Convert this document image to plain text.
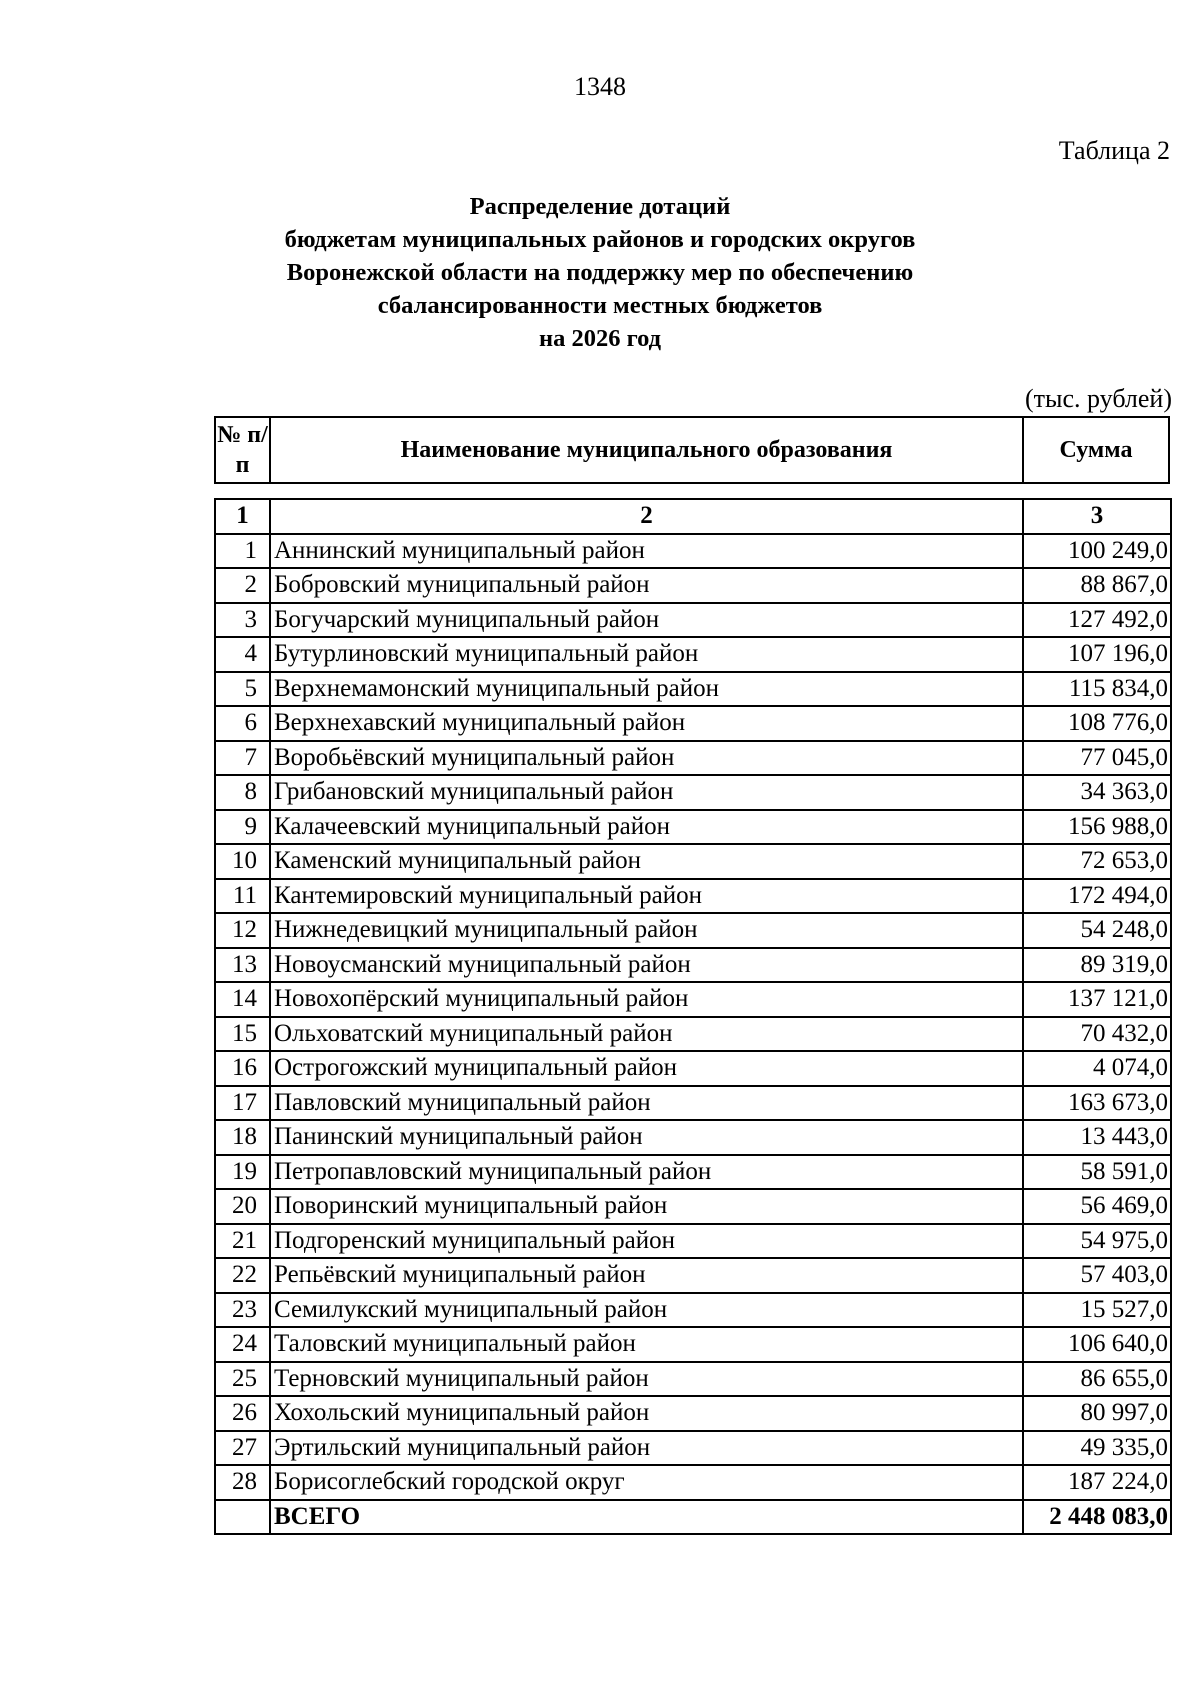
1348
Таблица 2
Распределение дотаций
бюджетам муниципальных районов и городских округов
Воронежской области на поддержку мер по обеспечению
сбалансированности местных бюджетов
на 2026 год
(тыс. рублей)
№ п/п	Наименование муниципального образования	Сумма
1	2	3
1	Аннинский муниципальный район	100 249,0
2	Бобровский муниципальный район	88 867,0
3	Богучарский муниципальный район	127 492,0
4	Бутурлиновский муниципальный район	107 196,0
5	Верхнемамонский муниципальный район	115 834,0
6	Верхнехавский муниципальный район	108 776,0
7	Воробьёвский муниципальный район	77 045,0
8	Грибановский муниципальный район	34 363,0
9	Калачеевский муниципальный район	156 988,0
10	Каменский муниципальный район	72 653,0
11	Кантемировский муниципальный район	172 494,0
12	Нижнедевицкий муниципальный район	54 248,0
13	Новоусманский муниципальный район	89 319,0
14	Новохопёрский муниципальный район	137 121,0
15	Ольховатский муниципальный район	70 432,0
16	Острогожский муниципальный район	4 074,0
17	Павловский муниципальный район	163 673,0
18	Панинский муниципальный район	13 443,0
19	Петропавловский муниципальный район	58 591,0
20	Поворинский муниципальный район	56 469,0
21	Подгоренский муниципальный район	54 975,0
22	Репьёвский муниципальный район	57 403,0
23	Семилукский муниципальный район	15 527,0
24	Таловский муниципальный район	106 640,0
25	Терновский муниципальный район	86 655,0
26	Хохольский муниципальный район	80 997,0
27	Эртильский муниципальный район	49 335,0
28	Борисоглебский городской округ	187 224,0
	ВСЕГО	2 448 083,0
